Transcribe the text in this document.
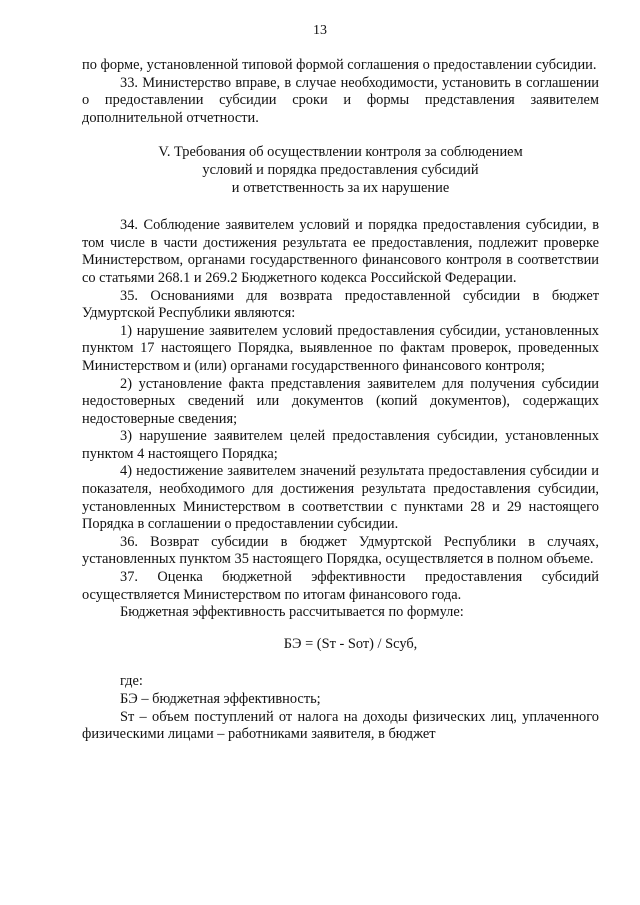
13

по форме, установленной типовой формой соглашения о предоставлении субсидии.

33. Министерство вправе, в случае необходимости, установить в соглашении о предоставлении субсидии сроки и формы представления заявителем дополнительной отчетности.

V. Требования об осуществлении контроля за соблюдением
условий и порядка предоставления субсидий
и ответственность за их нарушение

34. Соблюдение заявителем условий и порядка предоставления субсидии, в том числе в части достижения результата ее предоставления, подлежит проверке Министерством, органами государственного финансового контроля в соответствии со статьями 268.1 и 269.2 Бюджетного кодекса Российской Федерации.

35. Основаниями для возврата предоставленной субсидии в бюджет Удмуртской Республики являются:

1) нарушение заявителем условий предоставления субсидии, установленных пунктом 17 настоящего Порядка, выявленное по фактам проверок, проведенных Министерством и (или) органами государственного финансового контроля;

2) установление факта представления заявителем для получения субсидии недостоверных сведений или документов (копий документов), содержащих недостоверные сведения;

3) нарушение заявителем целей предоставления субсидии, установленных пунктом 4 настоящего Порядка;

4) недостижение заявителем значений результата предоставления субсидии и показателя, необходимого для достижения результата предоставления субсидии, установленных Министерством в соответствии с пунктами 28 и 29 настоящего Порядка в соглашении о предоставлении субсидии.

36. Возврат субсидии в бюджет Удмуртской Республики в случаях, установленных пунктом 35 настоящего Порядка, осуществляется в полном объеме.

37. Оценка бюджетной эффективности предоставления субсидий осуществляется Министерством по итогам финансового года.

Бюджетная эффективность рассчитывается по формуле:

БЭ = (Sт - Sот) / Sсуб,

где:

БЭ – бюджетная эффективность;

Sт – объем поступлений от налога на доходы физических лиц, уплаченного физическими лицами – работниками заявителя, в бюджет
